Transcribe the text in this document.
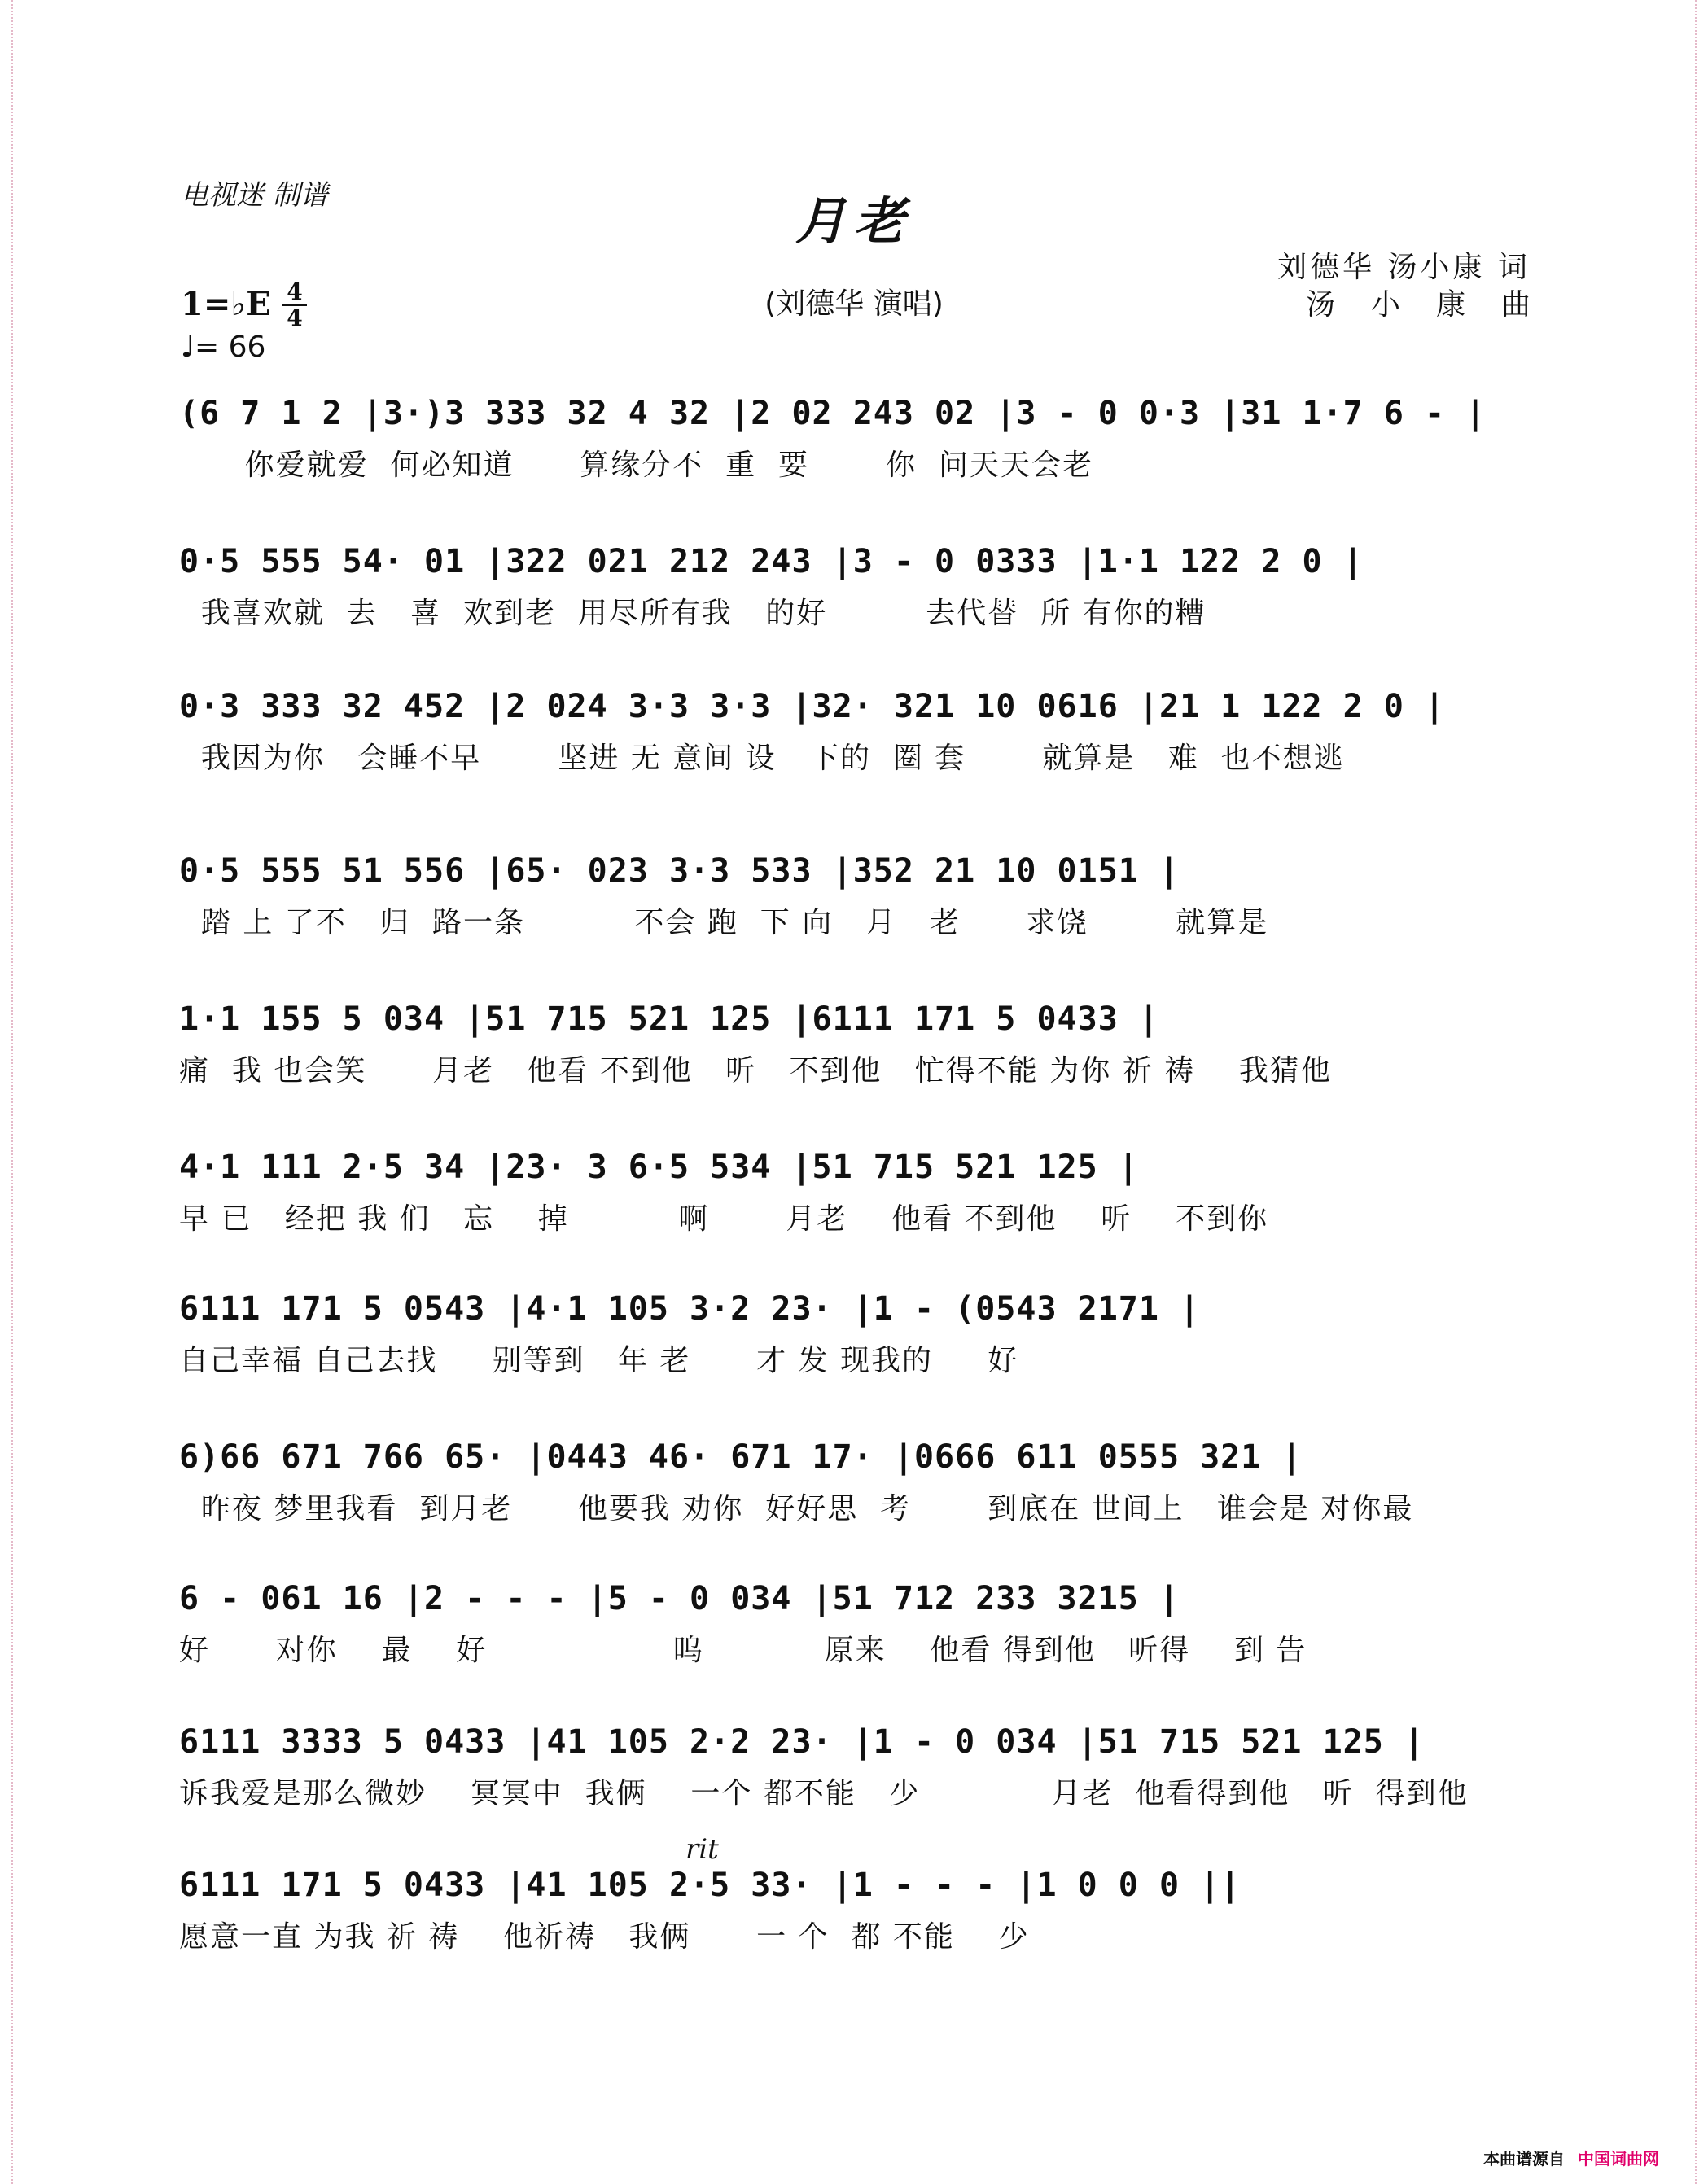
电视迷 制谱	月老
(刘德华 演唱)
刘德华 汤小康 词
汤小康曲
1=♭E 4
4
♩= 66
(6 7 1 2 |3·)3 333 32 4 32 |2 02 243 02 |3 - 0 0·3 |31 1·7 6 - |
你爱就爱  何必知道      算缘分不  重  要       你  问天天会老
0·5 555 54· 01 |322 021 212 243 |3 - 0 0333 |1·1 122 2 0 |
我喜欢就  去   喜  欢到老  用尽所有我   的好         去代替  所 有你的糟
0·3 333 32 452 |2 024 3·3 3·3 |32· 321 10 0616 |21 1 122 2 0 |
我因为你   会睡不早       坚进 无 意间 设   下的  圈 套       就算是   难  也不想逃
0·5 555 51 556 |65· 023 3·3 533 |352 21 10 0151 |
踏 上 了不   归  路一条          不会 跑  下 向   月   老      求饶        就算是
1·1 155 5 034 |51 715 521 125 |6111 171 5 0433 |
痛  我 也会笑      月老   他看 不到他   听   不到他   忙得不能 为你 祈 祷    我猜他
4·1 111 2·5 34 |23· 3 6·5 534 |51 715 521 125 |
早 已   经把 我 们   忘    掉          啊       月老    他看 不到他    听    不到你
6111 171 5 0543 |4·1 105 3·2 23· |1 - (0543 2171 |
自己幸福 自己去找     别等到   年 老      才 发 现我的     好
6)66 671 766 65· |0443 46· 671 17· |0666 611 0555 321 |
昨夜 梦里我看  到月老      他要我 劝你  好好思  考       到底在 世间上   谁会是 对你最
6 - 061 16 |2 - - - |5 - 0 034 |51 712 233 3215 |
好      对你    最    好                 呜           原来    他看 得到他   听得    到 告
6111 3333 5 0433 |41 105 2·2 23· |1 - 0 034 |51 715 521 125 |
诉我爱是那么微妙    冥冥中  我俩    一个 都不能   少            月老  他看得到他   听  得到他
6111 171 5 0433 |41 105 2·5 33· |1 - - - |1 0 0 0 ||
愿意一直 为我 祈 祷    他祈祷   我俩      一 个  都 不能    少
本曲谱源自 中国词曲网
rit
